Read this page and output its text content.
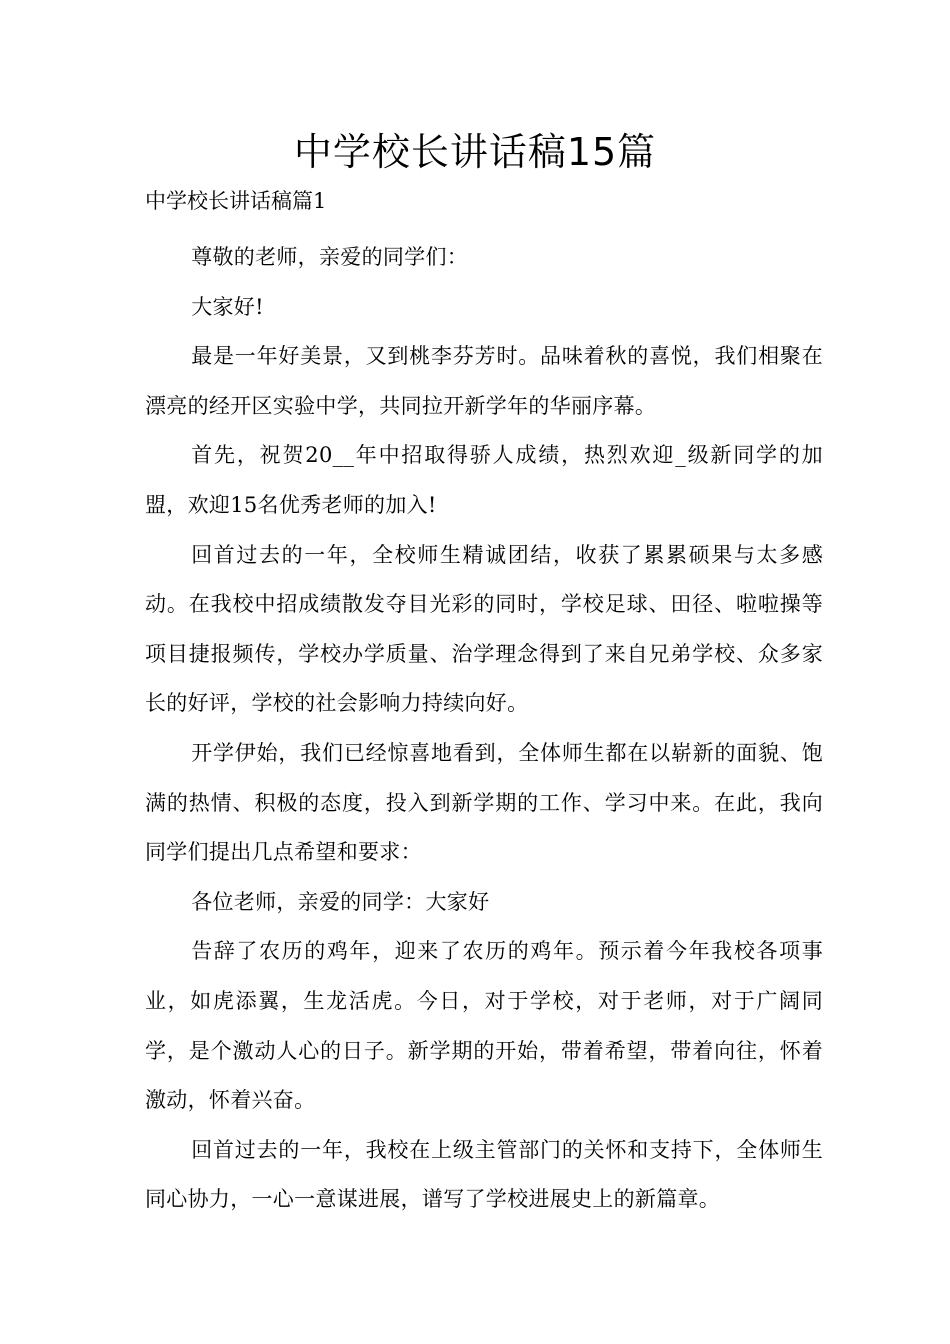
中学校长讲话稿15篇
中学校长讲话稿篇1

尊敬的老师，亲爱的同学们：

大家好!

最是一年好美景，又到桃李芬芳时。品味着秋的喜悦，我们相聚在漂亮的经开区实验中学，共同拉开新学年的华丽序幕。

首先，祝贺20__年中招取得骄人成绩，热烈欢迎_级新同学的加盟，欢迎15名优秀老师的加入!

回首过去的一年，全校师生精诚团结，收获了累累硕果与太多感动。在我校中招成绩散发夺目光彩的同时，学校足球、田径、啦啦操等项目捷报频传，学校办学质量、治学理念得到了来自兄弟学校、众多家长的好评，学校的社会影响力持续向好。

开学伊始，我们已经惊喜地看到，全体师生都在以崭新的面貌、饱满的热情、积极的态度，投入到新学期的工作、学习中来。在此，我向同学们提出几点希望和要求：

各位老师，亲爱的同学：大家好

告辞了农历的鸡年，迎来了农历的鸡年。预示着今年我校各项事业，如虎添翼，生龙活虎。今日，对于学校，对于老师，对于广阔同学，是个激动人心的日子。新学期的开始，带着希望，带着向往，怀着激动，怀着兴奋。

回首过去的一年，我校在上级主管部门的关怀和支持下，全体师生同心协力，一心一意谋进展，谱写了学校进展史上的新篇章。
